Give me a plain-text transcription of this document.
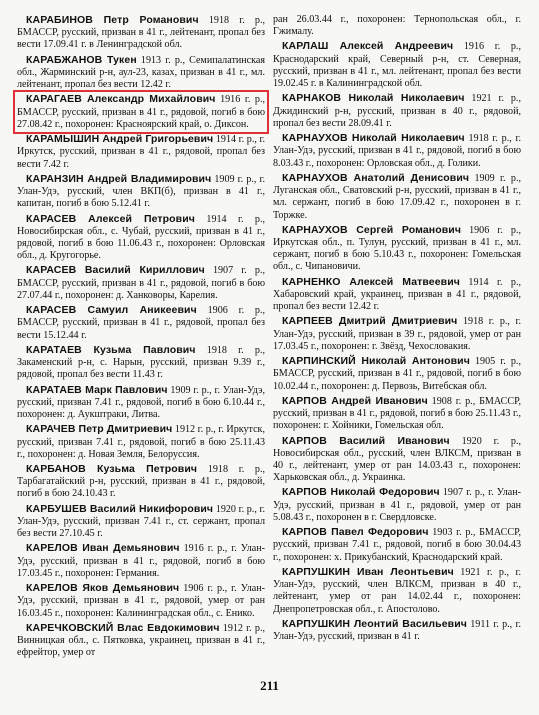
КАРАБИНОВ Петр Романович 1918 г. р., БМАССР, русский, призван в 41 г., лейтенант, пропал без вести 17.09.41 г. в Ленинградской обл.

КАРАБЖАНОВ Тукен 1913 г. р., Семипалатинская обл., Жарминский р-н, аул-23, казах, призван в 41 г., мл. лейтенант, пропал без вести 12.42 г.

КАРАГАЕВ Александр Михайлович 1916 г. р., БМАССР, русский, призван в 41 г., рядовой, погиб в бою 27.08.42 г., похоронен: Красноярский край, о. Диксон.

КАРАМЫШИН Андрей Григорьевич 1914 г. р., г. Иркутск, русский, призван в 41 г., рядовой, пропал без вести 7.42 г.

КАРАНЗИН Андрей Владимирович 1909 г. р., г. Улан-Удэ, русский, член ВКП(б), призван в 41 г., капитан, погиб в бою 5.12.41 г.

КАРАСЕВ Алексей Петрович 1914 г. р., Новосибирская обл., с. Чубай, русский, призван в 41 г., рядовой, погиб в бою 11.06.43 г., похоронен: Орловская обл., д. Кругогорье.

КАРАСЕВ Василий Кириллович 1907 г. р., БМАССР, русский, призван в 41 г., рядовой, погиб в бою 27.07.44 г., похоронен: д. Ханковоры, Карелия.

КАРАСЕВ Самуил Аникеевич 1906 г. р., БМАССР, русский, призван в 41 г., рядовой, пропал без вести 15.12.44 г.

КАРАТАЕВ Кузьма Павлович 1918 г. р., Закаменский р-н, с. Нарын, русский, призван 9.39 г., рядовой, пропал без вести 11.43 г.

КАРАТАЕВ Марк Павлович 1909 г. р., г. Улан-Удэ, русский, призван 7.41 г., рядовой, погиб в бою 6.10.44 г., похоронен: д. Аукштраки, Литва.

КАРАЧЕВ Петр Дмитриевич 1912 г. р., г. Иркутск, русский, призван 7.41 г., рядовой, погиб в бою 25.11.43 г., похоронен: д. Новая Земля, Белоруссия.

КАРБАНОВ Кузьма Петрович 1918 г. р., Тарбагатайский р-н, русский, призван в 41 г., рядовой, погиб в бою 24.10.43 г.

КАРБУШЕВ Василий Никифорович 1920 г. р., г. Улан-Удэ, русский, призван 7.41 г., ст. сержант, пропал без вести 27.10.45 г.

КАРЕЛОВ Иван Демьянович 1916 г. р., г. Улан-Удэ, русский, призван в 41 г., рядовой, погиб в бою 17.03.45 г., похоронен: Германия.

КАРЕЛОВ Яков Демьянович 1906 г. р., г. Улан-Удэ, русский, призван в 41 г., рядовой, умер от ран 16.03.45 г., похоронен: Калининградская обл., с. Енико.

КАРЕЧКОВСКИЙ Влас Евдокимович 1912 г. р., Винницкая обл., с. Пятковка, украинец, призван в 41 г., ефрейтор, умер от

ран 26.03.44 г., похоронен: Тернопольская обл., г. Гжималу.

КАРЛАШ Алексей Андреевич 1916 г. р., Краснодарский край, Северный р-н, ст. Северная, русский, призван в 41 г., мл. лейтенант, пропал без вести 19.02.45 г. в Калининградской обл.

КАРНАКОВ Николай Николаевич 1921 г. р., Джидинский р-н, русский, призван в 40 г., рядовой, пропал без вести 28.09.41 г.

КАРНАУХОВ Николай Николаевич 1918 г. р., г. Улан-Удэ, русский, призван в 41 г., рядовой, погиб в бою 8.03.43 г., похоронен: Орловская обл., д. Голики.

КАРНАУХОВ Анатолий Денисович 1909 г. р., Луганская обл., Сватовский р-н, русский, призван в 41 г., мл. сержант, погиб в бою 17.09.42 г., похоронен в г. Торжке.

КАРНАУХОВ Сергей Романович 1906 г. р., Иркутская обл., п. Тулун, русский, призван в 41 г., мл. сержант, погиб в бою 5.10.43 г., похоронен: Гомельская обл., с. Чипановичи.

КАРНЕНКО Алексей Матвеевич 1914 г. р., Хабаровский край, украинец, призван в 41 г., рядовой, пропал без вести 12.42 г.

КАРПЕЕВ Дмитрий Дмитриевич 1918 г. р., г. Улан-Удэ, русский, призван в 39 г., рядовой, умер от ран 17.03.45 г., похоронен: г. Звёзд, Чехословакия.

КАРПИНСКИЙ Николай Антонович 1905 г. р., БМАССР, русский, призван в 41 г., рядовой, погиб в бою 10.02.44 г., похоронен: д. Первозь, Витебская обл.

КАРПОВ Андрей Иванович 1908 г. р., БМАССР, русский, призван в 41 г., рядовой, погиб в бою 25.11.43 г., похоронен: г. Хойники, Гомельская обл.

КАРПОВ Василий Иванович 1920 г. р., Новосибирская обл., русский, член ВЛКСМ, призван в 40 г., лейтенант, умер от ран 14.03.43 г., похоронен: Харьковская обл., д. Украинка.

КАРПОВ Николай Федорович 1907 г. р., г. Улан-Удэ, русский, призван в 41 г., рядовой, умер от ран 5.08.43 г., похоронен в г. Свердловске.

КАРПОВ Павел Федорович 1903 г. р., БМАССР, русский, призван 7.41 г., рядовой, погиб в бою 30.04.43 г., похоронен: х. Прикубанский, Краснодарский край.

КАРПУШКИН Иван Леонтьевич 1921 г. р., г. Улан-Удэ, русский, член ВЛКСМ, призван в 40 г., лейтенант, умер от ран 14.02.44 г., похоронен: Днепропетровская обл., г. Апостолово.

КАРПУШКИН Леонтий Васильевич 1911 г. р., г. Улан-Удэ, русский, призван в 41 г.

211
